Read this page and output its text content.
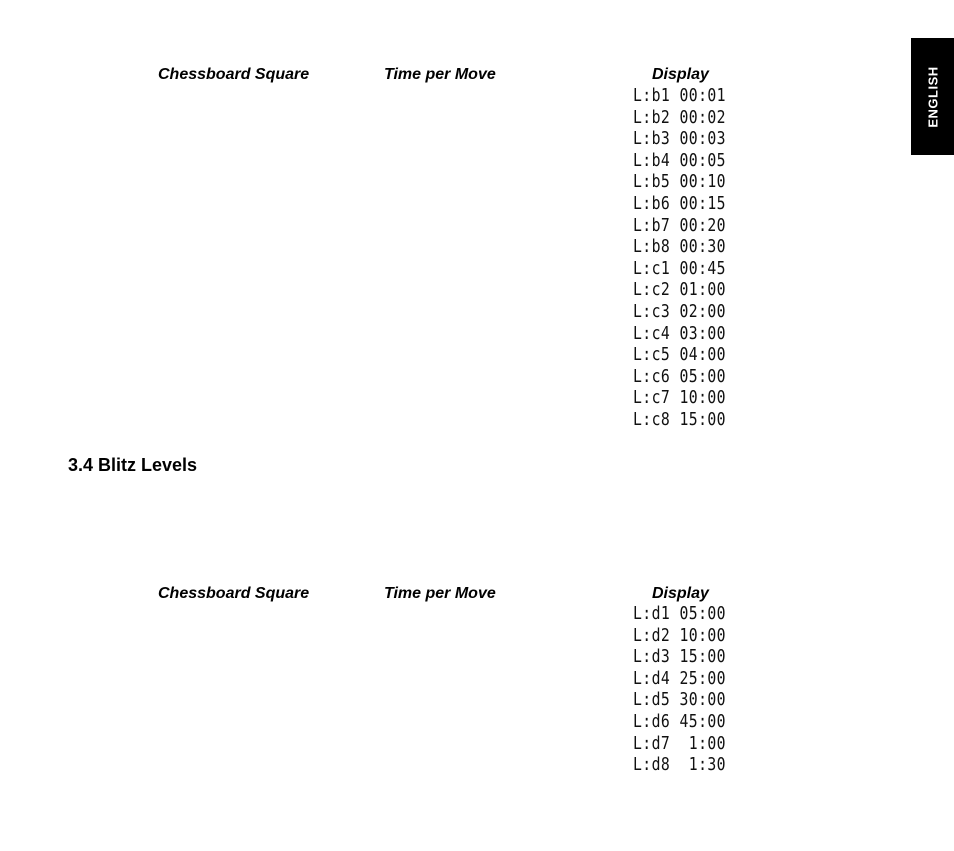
ENGLISH
Chessboard Square	Time per Move	Display
L:b1 00:01
L:b2 00:02
L:b3 00:03
L:b4 00:05
L:b5 00:10
L:b6 00:15
L:b7 00:20
L:b8 00:30
L:c1 00:45
L:c2 01:00
L:c3 02:00
L:c4 03:00
L:c5 04:00
L:c6 05:00
L:c7 10:00
L:c8 15:00
3.4 Blitz Levels
Chessboard Square	Time per Move	Display
L:d1 05:00
L:d2 10:00
L:d3 15:00
L:d4 25:00
L:d5 30:00
L:d6 45:00
L:d7  1:00
L:d8  1:30
